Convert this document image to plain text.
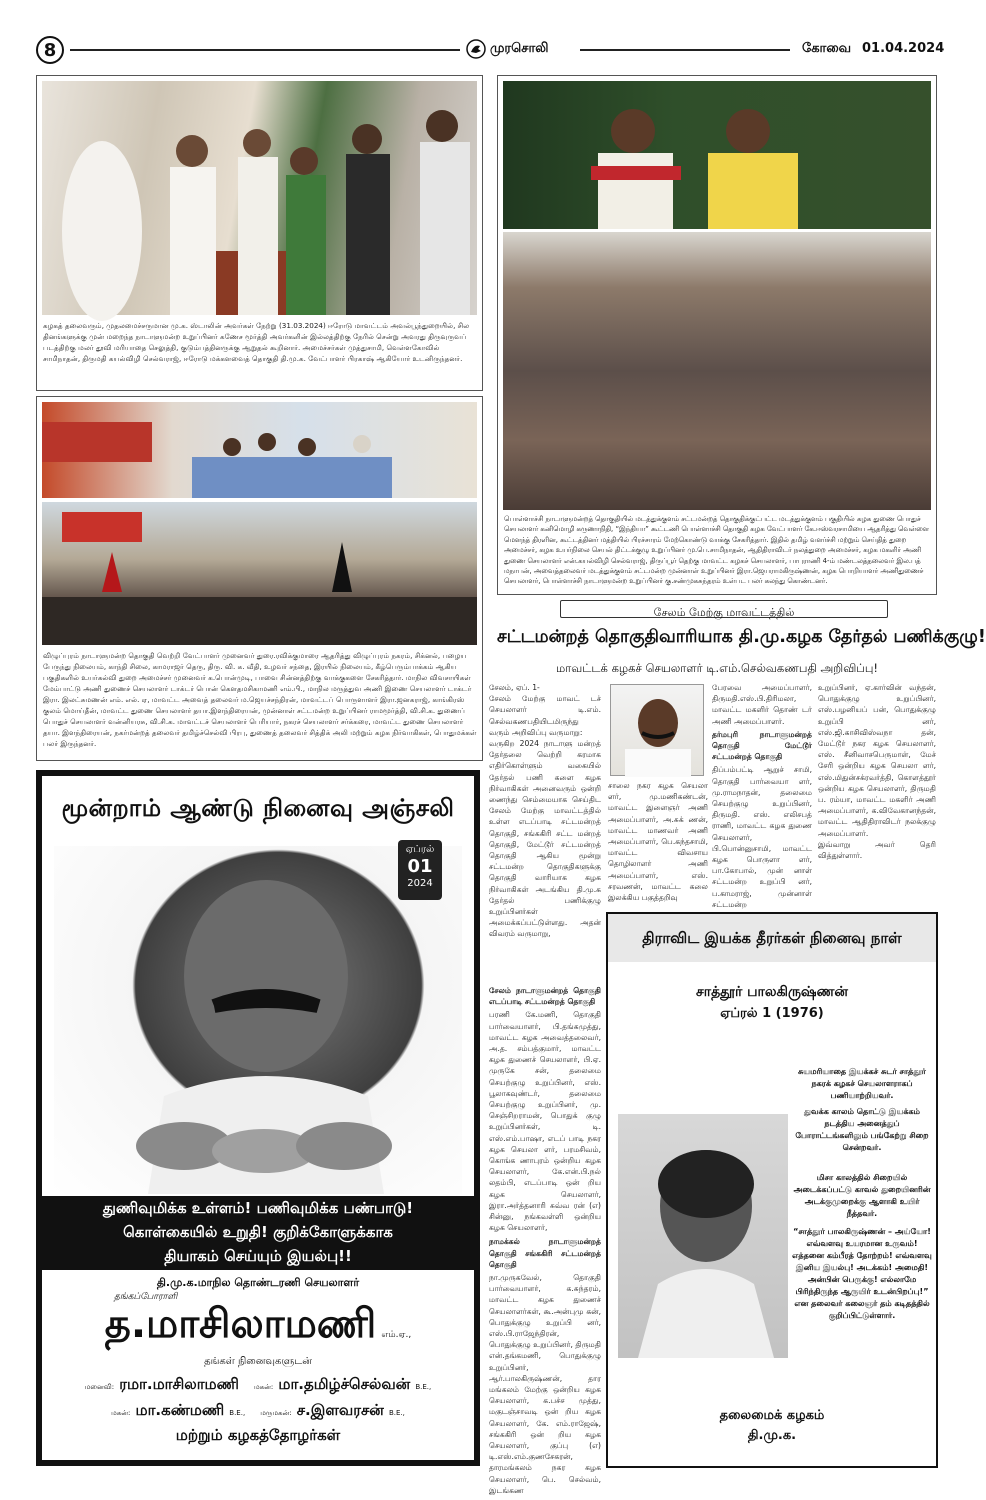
8	முரசொலி	கோவை 01.04.2024
கழகத் தலைவரும், முதலமைச்சருமான மு.க. ஸ்டாலின் அவர்கள் நேற்று (31.03.2024) ஈரோடு மாவட்டம் அவல்பூந்துறையில், சில தினங்களுக்கு முன் மறைந்த நாடாளுமன்ற உறுப்பினர் கணேச மூர்த்தி அவர்களின் இல்லத்திற்கு நேரில் சென்று அவரது திருவுருவப் படத்திற்கு மலர் தூவி மரியாதை செலுத்தி, குடும்பத்தினருக்கு ஆறுதல் கூறினார். அமைச்சர்கள் முத்துசாமி, வெள்ளகோவில் சாமிநாதன், திருமதி கயல்விழி செல்வராஜ், ஈரோடு மக்களவைத் தொகுதி தி.மு.க. வேட்பாளர் பிரகாஷ் ஆகியோர் உடனிருந்தனர்.
விழுப்புரம் நாடாளுமன்ற தொகுதி வெற்றி வேட்பாளர் முனைவர் துரை.ரவிக்குமாரை ஆதரித்து விழுப்புரம் நகரம், சிக்னல், பழைய பேருந்து நிலையம், காந்தி சிலை, காமராஜர் தெரு, திரு. வி. க. வீதி, உழவர் சந்தை, இரயில் நிலையம், கீழ்பெரும்பாக்கம் ஆகிய பகுதிகளில் உயர்கல்வி துறை அமைச்சர் முனைவர் க.பொன்முடி, பாவை சின்னத்திற்கு வாக்குகளை சேகரித்தார். மாநில விவசாயிகள் மேம்பாட்டு அணி துணைச் செயலாளர் டாக்டர் பொன் கௌதமசிகாமணி எம்.பி., மாநில மருத்துவ அணி இணை செயலாளர் டாக்டர் இரா. இலட்சுமணன் எம். எல். ஏ, மாவட்ட அவைத் தலைவர் ம.ஜெயச்சந்திரன், மாவட்டப் பொருளாளர் இரா.ஜனகராஜ், காங்கிரஸ் குலம் மொய்தீன், மாவட்ட துணை செயலாளர் தயா.இளந்திரையன், முன்னாள் சட்டமன்ற உறுப்பினர் ராமமூர்த்தி, வி.சி.க. துணைப் பொதுச் செயலாளர் வன்னியரசு, வி.சி.க. மாவட்டச் செயலாளர் பெரியார், நகரச் செயலாளர் சர்க்கரை, மாவட்ட துணை செயலாளர் தயா. இளந்திரையன், நகர்மன்றத் தலைவர் தமிழ்ச்செல்வி பிரபு, துணைத் தலைவர் சித்திக் அலி மற்றும் கழக நிர்வாகிகள், பொதுமக்கள் பலர் இருந்தனர்.
பொள்ளாச்சி நாடாளுமன்றத் தொகுதியில் மடத்துக்குளம் சட்டமன்றத் தொகுதிக்குட்பட்ட மடத்துக்குளம் பகுதியில் கழக துணை பொதுச் செயலாளர் கனிமொழி கருணாநிதி, “இந்தியா” கூட்டணி பொள்ளாச்சி தொகுதி கழக வேட்பாளர் கே.ஈஸ்வரசாமியை ஆதரித்து வெள்ளை மௌந்த் திரளின, கூட்டத்தினர் மத்தியில் பிரச்சாரம் மேற்கொண்டு வாக்கு சேகரித்தார். இதில் தமிழ் வளர்ச்சி மற்றும் செய்தித் துறை அமைச்சர், கழக உயர்நிலை செயல் திட்டக்குழு உறுப்பினர் மு.பெ.சாமிநாதன், ஆதிதிராவிடர் நலத்துறை அமைச்சர், கழக மகளிர் அணி துணை செயலாளர் என்.கயல்விழி செல்வராஜ், திருப்பூர் தெற்கு மாவட்ட கழகச் செயலாளர், பாபுராணி 4-ம் மண்டலத்தலைவர் இல.பத் மநாபன், அவைத்தலைவர் மடத்துக்குளம் சட்டமன்ற முன்னாள் உறுப்பினர் இரா.ஜெயராமகிருஷ்ணன், கழக பொறியாளர் அணிதுணைச் செயலாளர், பொள்ளாச்சி நாடாளுமன்ற உறுப்பினர் கு.சண்முகசுந்தரம் உள்பட பலர் கலந்து கொண்டனர்.
சேலம் மேற்கு மாவட்டத்தில்
சட்டமன்றத் தொகுதிவாரியாக தி.மு.கழக தேர்தல் பணிக்குழு!
மாவட்டக் கழகச் செயலாளர் டி.எம்.செல்வகணபதி அறிவிப்பு!
சேலம், ஏப். 1-
சேலம் மேற்கு மாவட் டச் செயலாளர் டி.எம். செல்வகணபதியிடமிருந்து வரும் அறிவிப்பு வருமாறு:
வருகிற 2024 நாடாளு மன்றத் தேர்தலை வெற்றி கரமாக எதிர்கொள்ளும் வகையில் தேர்தல் பணி களை கழக நிர்வாகிகள் அனைவரும் ஒன்றி ணைந்து செம்மையாக செய்திட சேலம் மேற்கு மாவட்டத்தில் உள்ள எடப்பாடி சட்டமன்றத் தொகுதி, சங்ககிரி சட்ட மன்றத் தொகுதி, மேட்டூர் சட்டமன்றத் தொகுதி ஆகிய மூன்று சட்டமன்ற தொகுதிகளுக்கு தொகுதி வாரியாக கழக நிர்வாகிகள் அடங்கிய தி.மு.க தேர்தல் பணிக்குழு உறுப்பினர்கள் அமைக்கப்பட்டுள்ளது. அதன் விவரம் வருமாறு,
சேலம் நாடாளுமன்றத் தொகுதி எடப்பாடி சட்டமன்றத் தொகுதி
பரணி கே.மணி, தொகுதி பார்வையாளர், பி.தங்கமுத்து, மாவட்ட கழக அவைத்தலைவர், அ.த. சம்பத்குமார், மாவட்ட கழக துணைச் செயலாளர், பி.ஏ. முருகே சன், தலைமை செயற்குழு உறுப்பினர், எஸ். பூலாகவுண்டர், தலைமை செயற்குழு உறுப்பினர், மு. செஞ்சிறராமன், பொதுக் குழு உறுப்பினர்கள், டி. எஸ்.எம்.பாஷா, எடப் பாடி நகர கழக செயலா ளர், பரமசிவம், கொங்க ணாபுரம் ஒன்றிய கழக செயலாளர், கே.என்.பி.நல் லதம்பி, எடப்பாடி ஒன் றிய கழக செயலாளர், இரா.அர்த்தனாரி சுவ்வ ரன் (எ) சின்னு, நங்கவள்ளி ஒன்றிய கழக செயலாளர்,
நாமக்கல் நாடாளுமன்றத் தொகுதி சங்ககிரி சட்டமன்றத் தொகுதி
நா.முருகவேல், தொகுதி பார்வையாளர், க.சுந்தரம், மாவட்ட கழக துணைச் செயலாளர்கள், கூ.அன்புமு கன், பொதுக்குழு உறுப்பி னர், எஸ்.பி.ராஜேந்திரன், பொதுக்குழு உறுப்பினர், திருமதி என்.தங்கமணி, பொதுக்குழு உறுப்பினர், ஆர்.பாலகிருஷ்ணன், தார மங்கலம் மேற்கு ஒன்றிய கழக செயலாளர், க.பச்ச முத்து, மகுடஞ்சாவடி ஒன் றிய கழக செயலாளர், கே. எம்.ராஜேஷ், சங்ககிரி ஒன் றிய கழக செயலாளர், குப்பு (எ) டி.எஸ்.எம்.குணசேகரன், தாரமங்கலம் நகர கழக செயலாளர், பெ. செல்வம், இடங்கண
சாலை நகர கழக செயலா ளர், மு.மணிகண்டன், மாவட்ட இளைஞர் அணி அமைப்பாளர், அ.சுக் ணன், மாவட்ட மாணவர் அணி அமைப்பாளர், பெ.கந்தசாமி, மாவட்ட விவசாய தொழிலாளர் அணி அமைப்பாளர், எஸ். சரவணன், மாவட்ட கலை இலக்கிய பகுத்தறிவு
பேரவை அமைப்பாளர், திருமதி.எஸ்.பி.திரிமலா, மாவட்ட மகளிர் தொண் டர் அணி அமைப்பாளர்.
தர்மபுரி நாடாளுமன்றத் தொகுதி மேட்டூர் சட்டமன்றத் தொகுதி
திப்பம்பட்டி ஆறுச் சாமி, தொகுதி பார்வையா ளர், மு.ராமநாதன், தலைமை செயற்குழு உறுப்பினர், திருமதி. எஸ். எலிசபத் ராணி, மாவட்ட கழக துணை செயலாளர், பி.பொன்னுசாமி, மாவட்ட கழக பொருளா ளர், பா.கோபால், முன் னாள் சட்டமன்ற உறுப்பி னர், ப.காமராஜ், முன்னாள் சட்டமன்ற
உறுப்பினர், ஏ.கார்வின் வந்தன், பொதுக்குழு உறுப்பினர், எஸ்.பழனியப் பன், பொதுக்குழு உறுப்பி னர், எஸ்.ஜி.காசிவிஸ்வநா தன், மேட்டூர் நகர கழக செயலாளர், எஸ். சீனிவாசபெருமாள், மேச் சேரி ஒன்றிய கழக செயலா ளர், எஸ்.மிதுன்சக்ரவர்த்தி, கொளத்தூர் ஒன்றிய கழக செயலாளர், திருமதி ப. ரம்யா, மாவட்ட மகளிர் அணி அமைப்பாளர், க.விவேகானந்தன், மாவட்ட ஆதிதிராவிடர் நலக்குழு அமைப்பாளர்.
இவ்வாறு அவர் தெரி வித்துள்ளார்.
மூன்றாம் ஆண்டு நினைவு அஞ்சலி
ஏப்ரல்
01
2024
துணிவுமிக்க உள்ளம்! பணிவுமிக்க பண்பாடு!
கொள்கையில் உறுதி! குறிக்கோளுக்காக
தியாகம் செய்யும் இயல்பு!!
தி.மு.க.மாநில தொண்டரணி செயலாளர்
தங்கப்போராளி
த.மாசிலாமணி எம்.ஏ.,
தங்கள் நினைவுகளுடன்
மனைவி: ரமா.மாசிலாமணி மகன்: மா.தமிழ்ச்செல்வன் B.E.,
மகன்: மா.கண்மணி B.E., மருமகன்: ச.இளவரசன் B.E.,
மற்றும் கழகத்தோழர்கள்
திராவிட இயக்க தீரர்கள் நினைவு நாள்
சாத்தூர் பாலகிருஷ்ணன்
ஏப்ரல் 1 (1976)
சுயமரியாதை இயக்கச் சுடர் சாத்தூர் நகரக் கழகச் செயலாளராகப் பணியாற்றியவர்.
துவக்க காலம் தொட்டு இயக்கம் நடத்திய அனைத்துப் போராட்டங்களிலும் பங்கேற்று சிறை சென்றவர்.
மிசா காலத்தில் சிறையில் அடைக்கப்பட்டு காவல் துறையினரின் அடக்குமுறைக்கு ஆளாகி உயிர் நீத்தவர்.
“சாத்தூர் பாலகிருஷ்ணன் – அய்யோ! எவ்வளவு உயரமான உருவம்! எத்தனை கம்பீரத் தோற்றம்! எவ்வளவு இனிய இயல்பு! அடக்கம்! அமைதி! அன்பின் பெருக்கு! எல்லாமே பிரிந்திருந்த ஆருயிர் உடன்பிறப்பு!” என தலைவர் கலைஞர் தம் கடிதத்தில் குறிப்பிட்டுள்ளார்.
தலைமைக் கழகம்
தி.மு.க.
